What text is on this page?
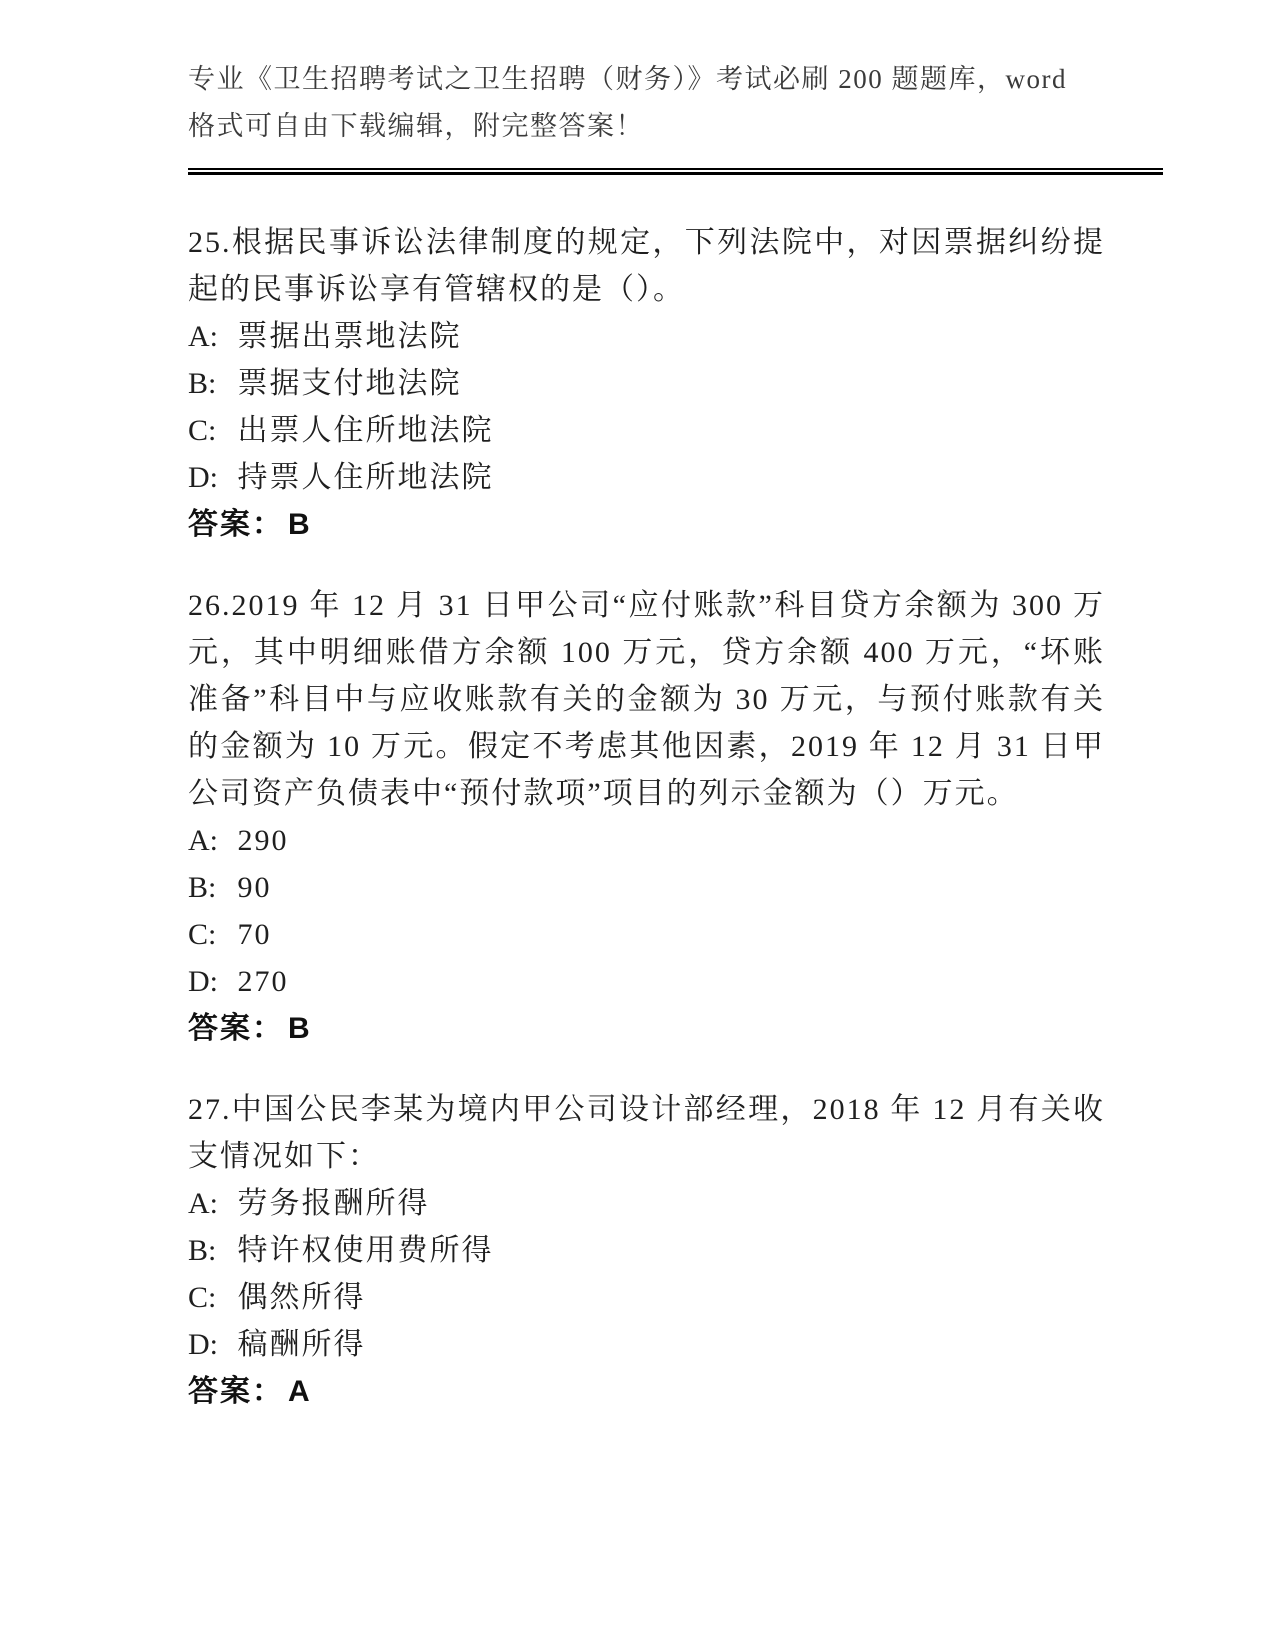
专业《卫生招聘考试之卫生招聘（财务）》考试必刷 200 题题库，word 格式可自由下载编辑，附完整答案！

25.根据民事诉讼法律制度的规定，下列法院中，对因票据纠纷提起的民事诉讼享有管辖权的是（）。

A: 票据出票地法院

B: 票据支付地法院

C: 出票人住所地法院

D: 持票人住所地法院

答案： B

26.2019 年 12 月 31 日甲公司“应付账款”科目贷方余额为 300 万元，其中明细账借方余额 100 万元，贷方余额 400 万元，“坏账准备”科目中与应收账款有关的金额为 30 万元，与预付账款有关的金额为 10 万元。假定不考虑其他因素，2019 年 12 月 31 日甲公司资产负债表中“预付款项”项目的列示金额为（）万元。

A: 290

B: 90

C: 70

D: 270

答案： B

27.中国公民李某为境内甲公司设计部经理，2018 年 12 月有关收支情况如下：

A: 劳务报酬所得

B: 特许权使用费所得

C: 偶然所得

D: 稿酬所得

答案： A
